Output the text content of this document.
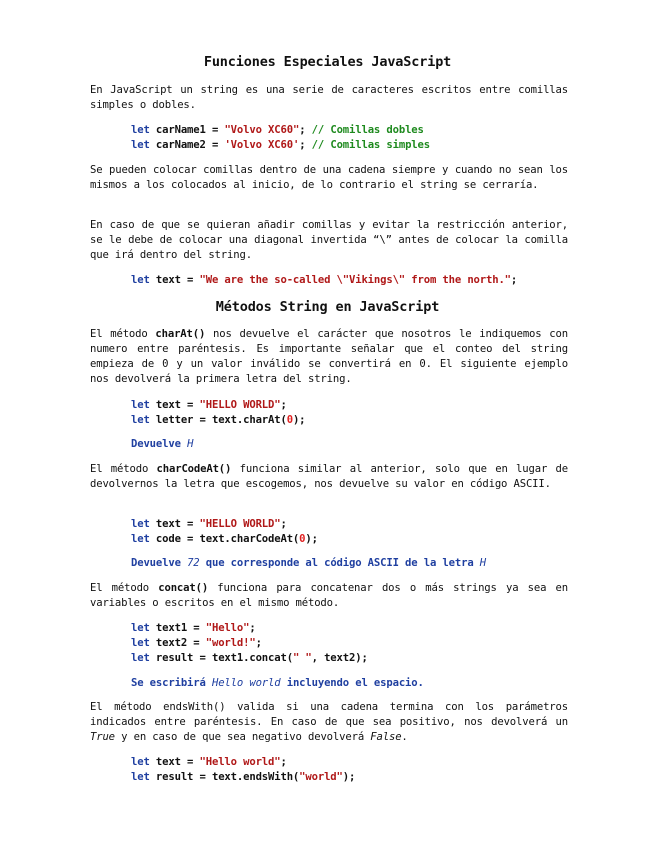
Funciones Especiales JavaScript
En JavaScript un string es una serie de caracteres escritos entre comillas simples o dobles.
let carName1 = "Volvo XC60"; // Comillas dobles
let carName2 = 'Volvo XC60'; // Comillas simples
Se pueden colocar comillas dentro de una cadena siempre y cuando no sean los mismos a los colocados al inicio, de lo contrario el string se cerraría.
En caso de que se quieran añadir comillas y evitar la restricción anterior, se le debe de colocar una diagonal invertida “\” antes de colocar la comilla que irá dentro del string.
let text = "We are the so-called \"Vikings\" from the north.";
Métodos String en JavaScript
El método charAt() nos devuelve el carácter que nosotros le indiquemos con numero entre paréntesis. Es importante señalar que el conteo del string empieza de 0 y un valor inválido se convertirá en 0. El siguiente ejemplo nos devolverá la primera letra del string.
let text = "HELLO WORLD";
let letter = text.charAt(0);
Devuelve H
El método charCodeAt() funciona similar al anterior, solo que en lugar de devolvernos la letra que escogemos, nos devuelve su valor en código ASCII.
let text = "HELLO WORLD";
let code = text.charCodeAt(0);
Devuelve 72 que corresponde al código ASCII de la letra H
El método concat() funciona para concatenar dos o más strings ya sea en variables o escritos en el mismo método.
let text1 = "Hello";
let text2 = "world!";
let result = text1.concat(" ", text2);
Se escribirá Hello world incluyendo el espacio.
El método endsWith() valida si una cadena termina con los parámetros indicados entre paréntesis. En caso de que sea positivo, nos devolverá un True y en caso de que sea negativo devolverá False.
let text = "Hello world";
let result = text.endsWith("world");
